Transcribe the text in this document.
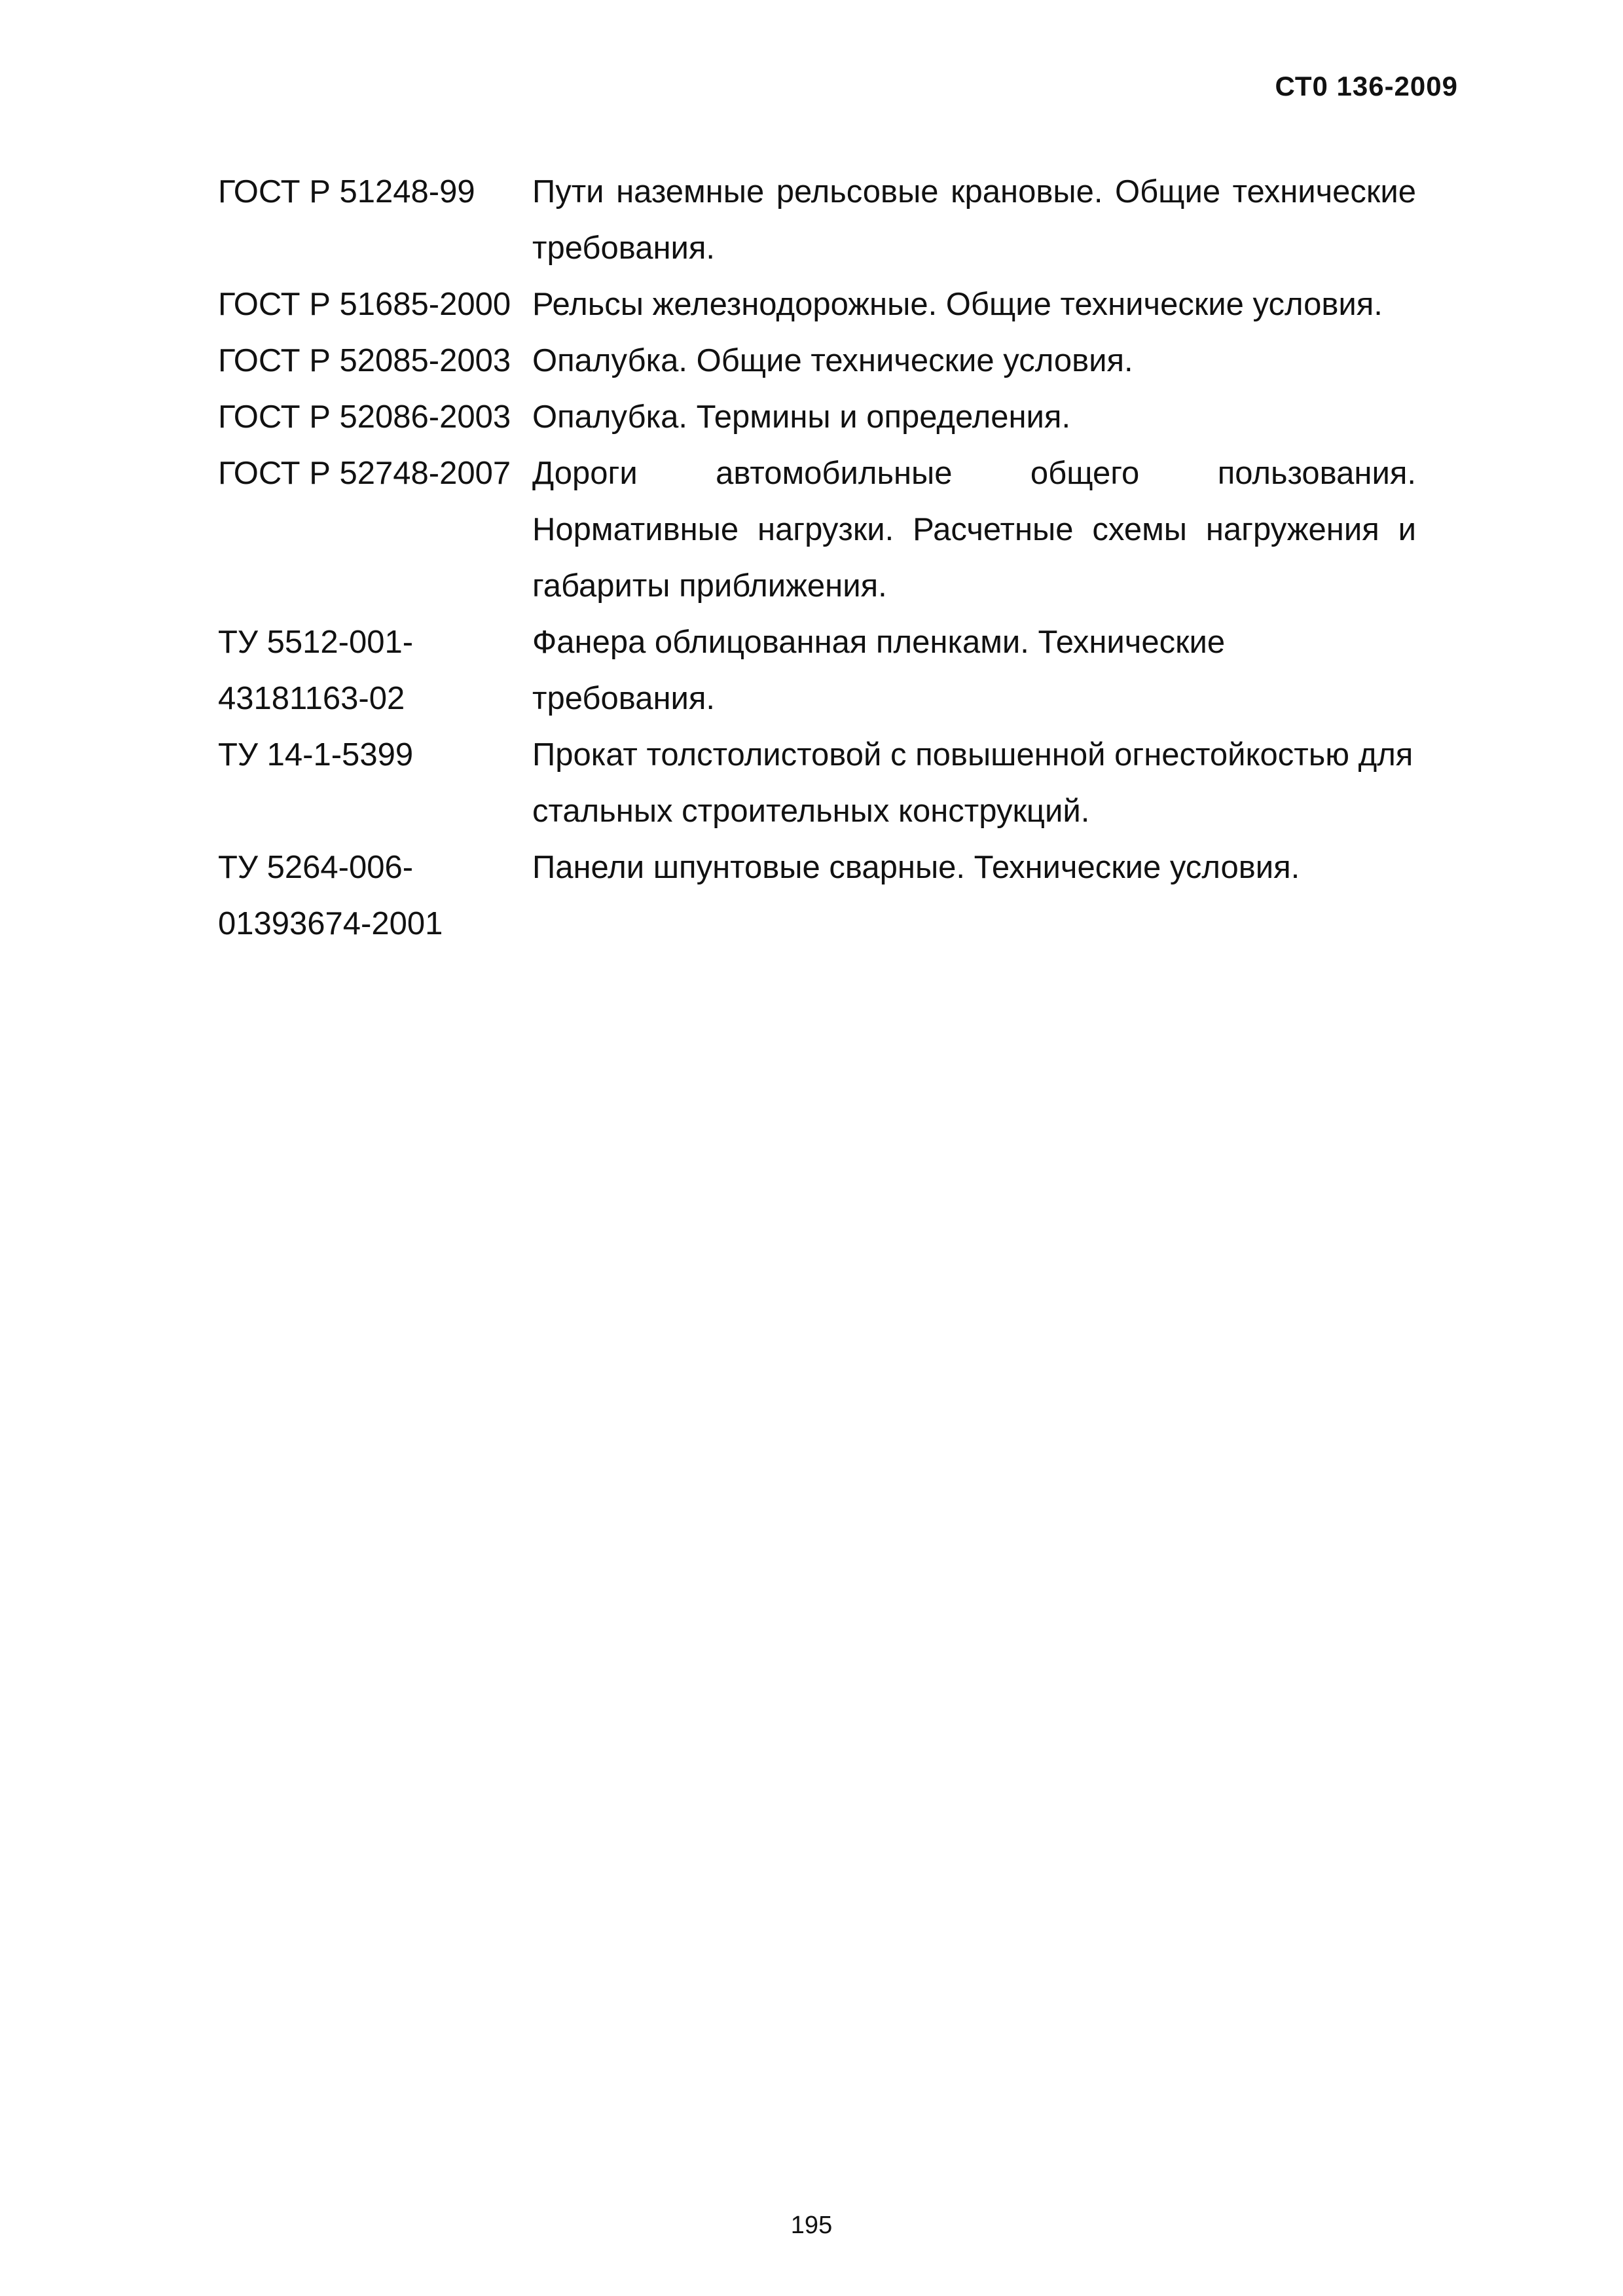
СТ0 136-2009
ГОСТ Р 51248-99	Пути наземные рельсовые крановые. Общие технические требования.
ГОСТ Р 51685-2000 Рельсы железнодорожные. Общие технические условия.
ГОСТ Р 52085-2003 Опалубка. Общие технические условия.
ГОСТ Р 52086-2003 Опалубка. Термины и определения.
ГОСТ Р 52748-2007 Дороги автомобильные общего пользования. Нормативные нагрузки. Расчетные схемы нагружения и габариты приближения.
ТУ 5512-001-
43181163-02
Фанера облицованная пленками. Технические требования.
ТУ 14-1-5399	Прокат толстолистовой с повышенной огнестойкостью для стальных строительных конструкций.
ТУ 5264-006-
01393674-2001
Панели шпунтовые сварные. Технические условия.
195
